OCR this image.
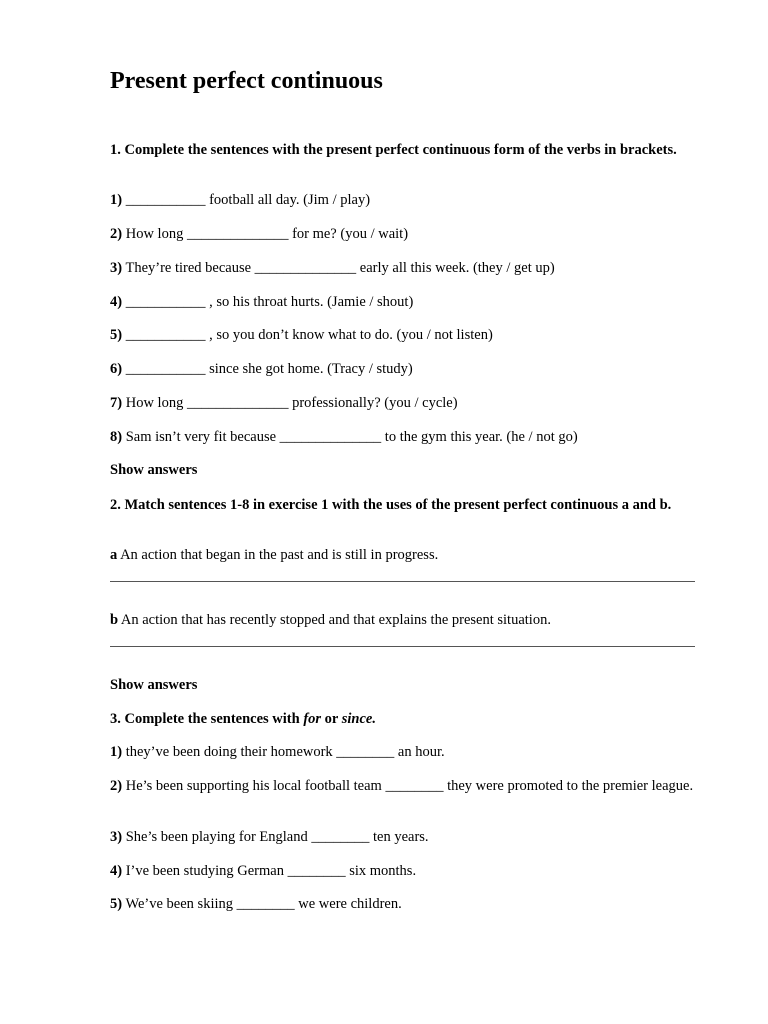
Present perfect continuous
1. Complete the sentences with the present perfect continuous form of the verbs in brackets.
1) ___________ football all day. (Jim / play)
2) How long ______________ for me? (you / wait)
3) They’re tired because ______________ early all this week. (they / get up)
4) ___________ , so his throat hurts. (Jamie / shout)
5) ___________ , so you don’t know what to do. (you / not listen)
6) ___________ since she got home. (Tracy / study)
7) How long ______________ professionally? (you / cycle)
8) Sam isn’t very fit because ______________ to the gym this year. (he / not go)
Show answers
2. Match sentences 1-8 in exercise 1 with the uses of the present perfect continuous a and b.
a An action that began in the past and is still in progress.
b An action that has recently stopped and that explains the present situation.
Show answers
3. Complete the sentences with for or since.
1) they’ve been doing their homework ________ an hour.
2) He’s been supporting his local football team ________ they were promoted to the premier league.
3) She’s been playing for England ________ ten years.
4) I’ve been studying German ________ six months.
5) We’ve been skiing ________ we were children.
